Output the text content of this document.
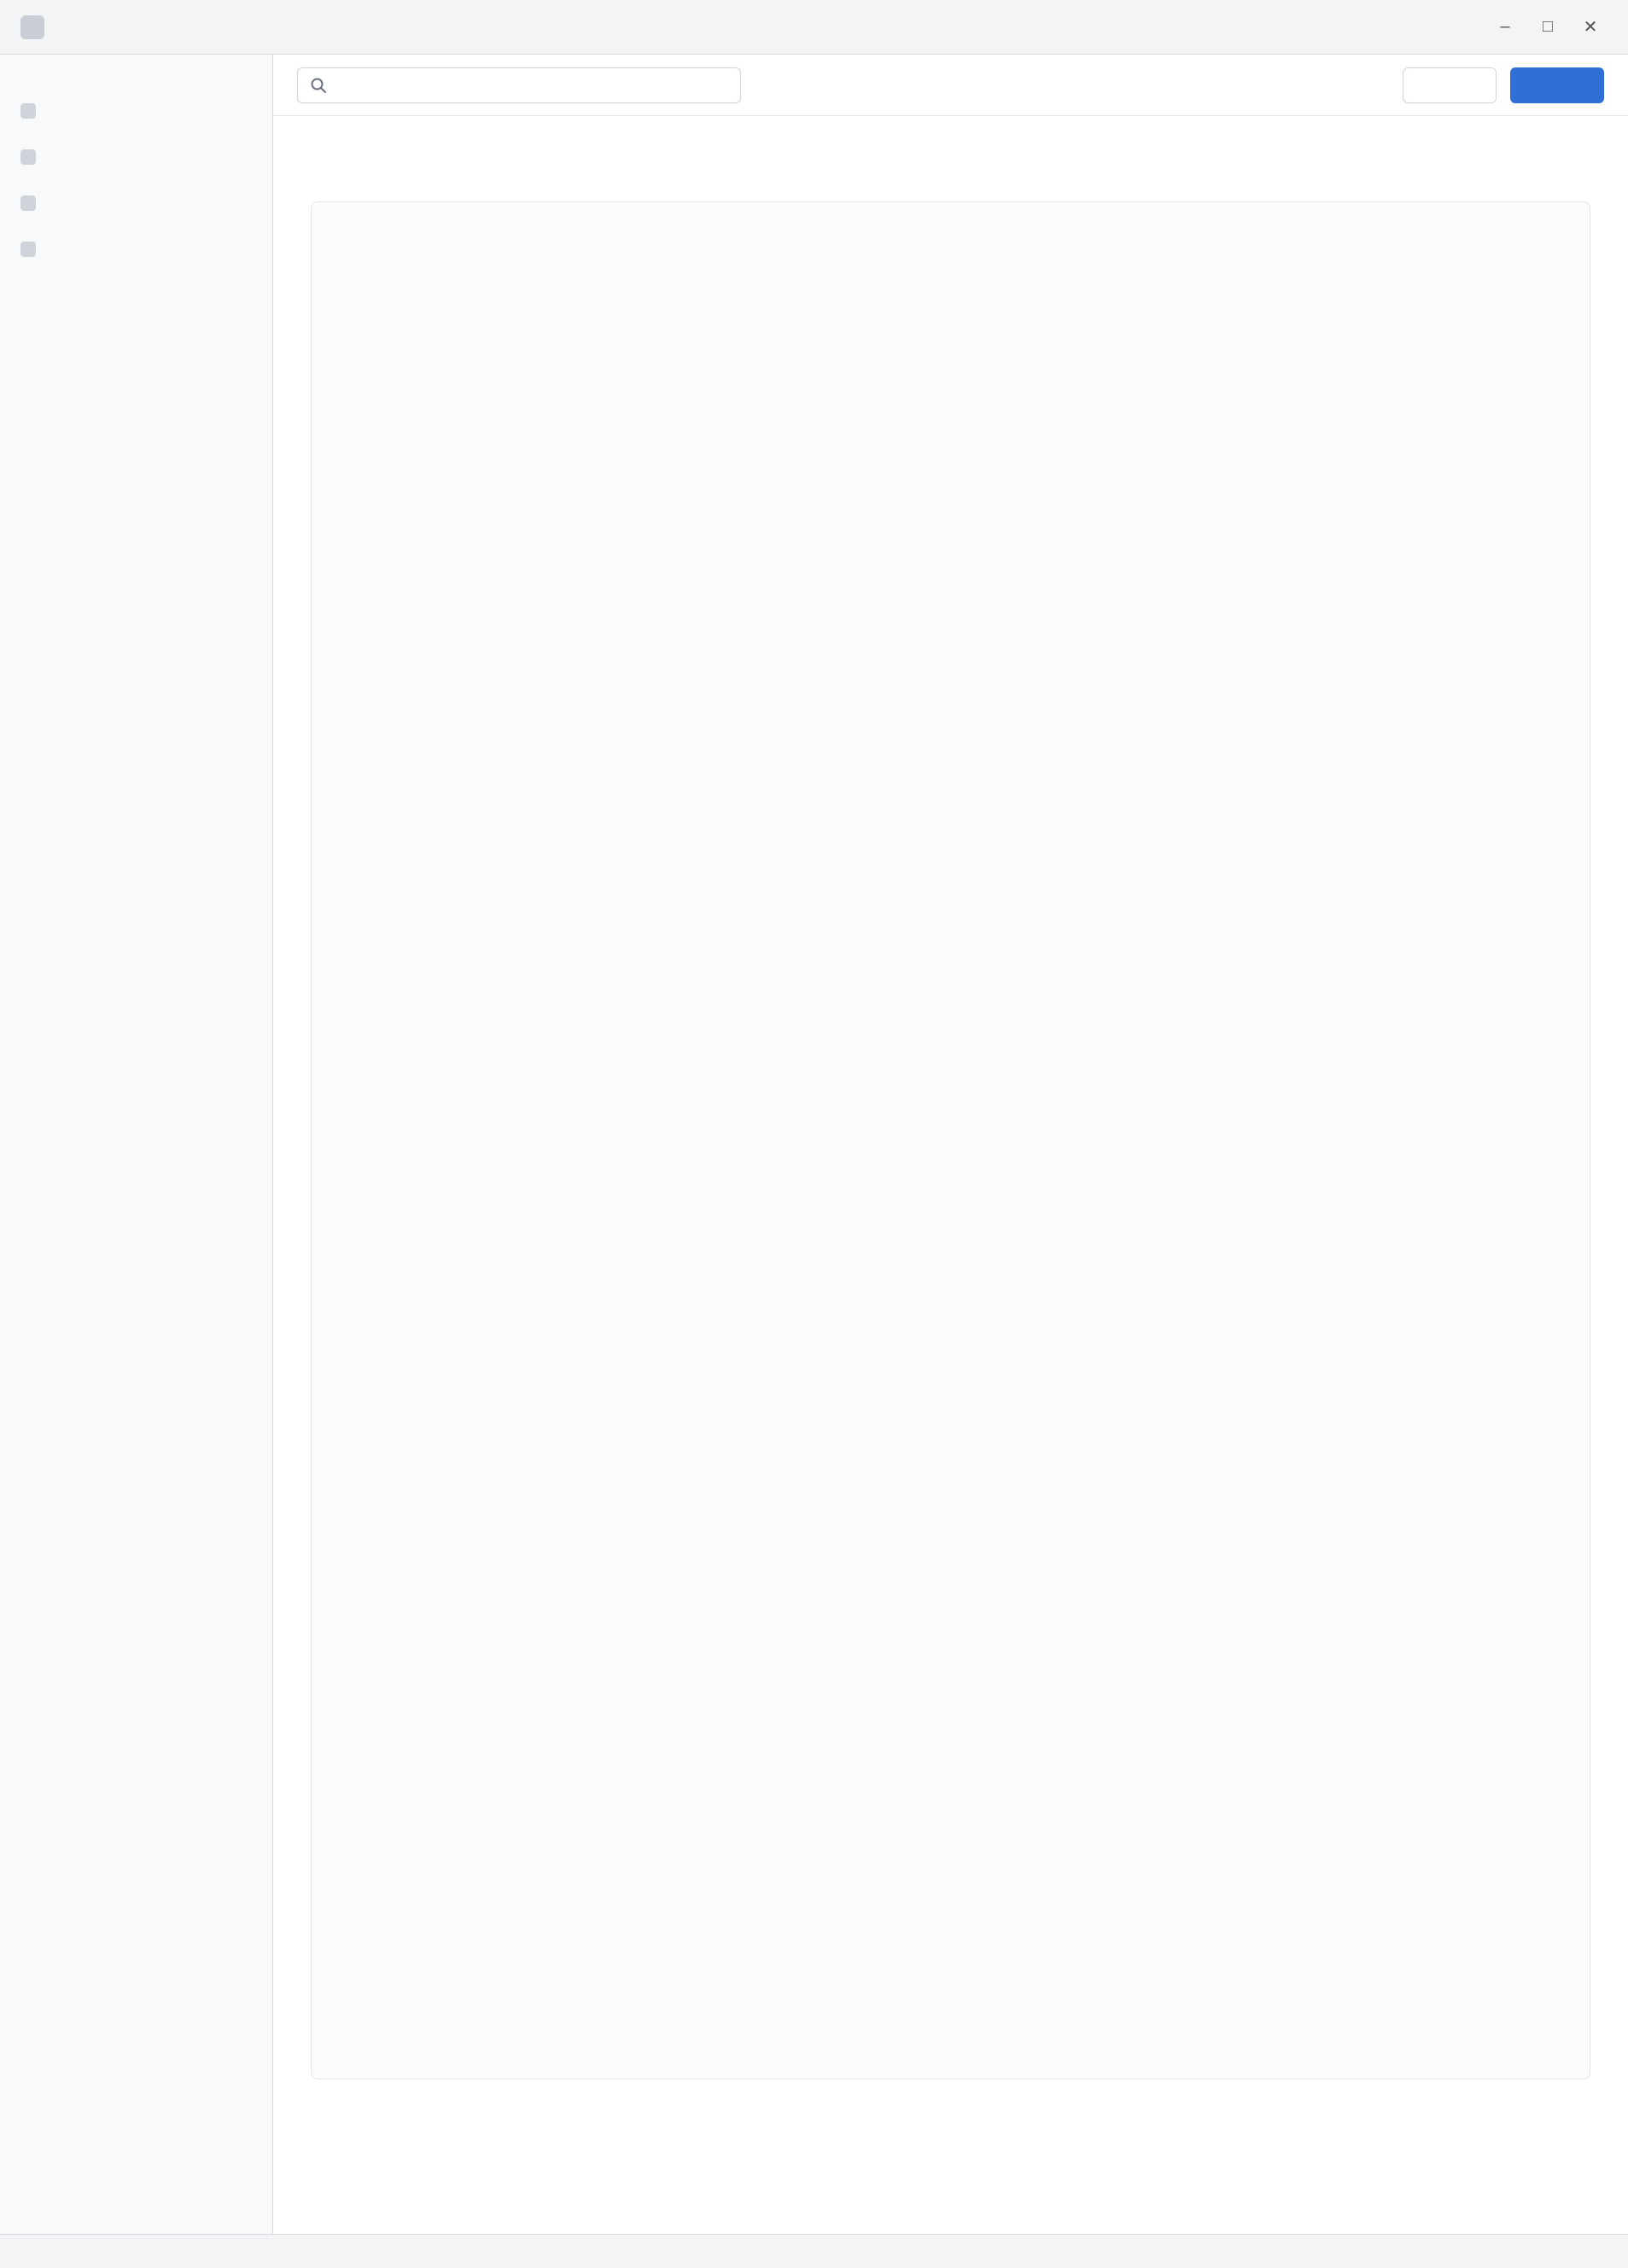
–	□	✕
